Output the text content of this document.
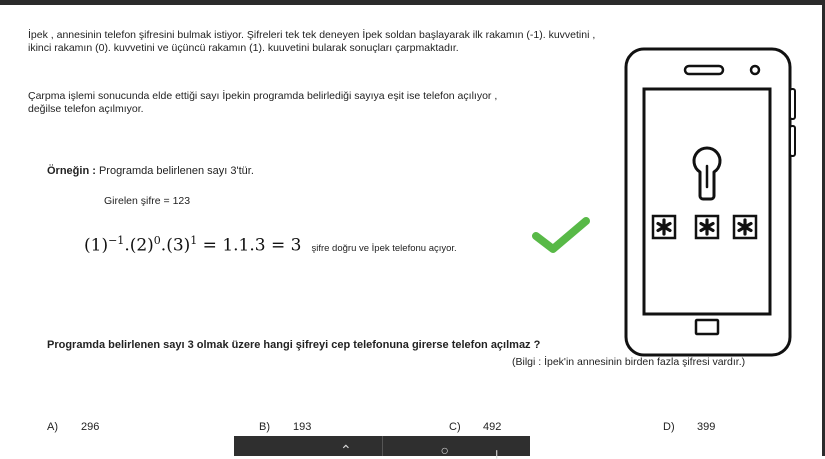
İpek , annesinin telefon şifresini bulmak istiyor. Şifreleri tek tek deneyen İpek soldan başlayarak ilk rakamın (-1). kuvvetini ,
ikinci rakamın (0). kuvvetini ve üçüncü rakamın (1). kuuvetini bularak sonuçları çarpmaktadır.
Çarpma işlemi sonucunda elde ettiği sayı İpekin programda belirlediği sayıya eşit ise telefon açılıyor ,
değilse telefon açılmıyor.
Örneğin : Programda belirlenen sayı 3'tür.
Girelen şifre = 123
$(1)^{-1}.(2)^0.(3)^1 = 1.1.3 = 3$ şifre doğru ve İpek telefonu açıyor.
Programda belirlenen sayı 3 olmak üzere hangi şifreyi cep telefonuna girerse telefon açılmaz ?
(Bilgi : İpek'in annesinin birden fazla şifresi vardır.)
A)	296	B)	193	C)	492	D)	399
⌃	○	╷
